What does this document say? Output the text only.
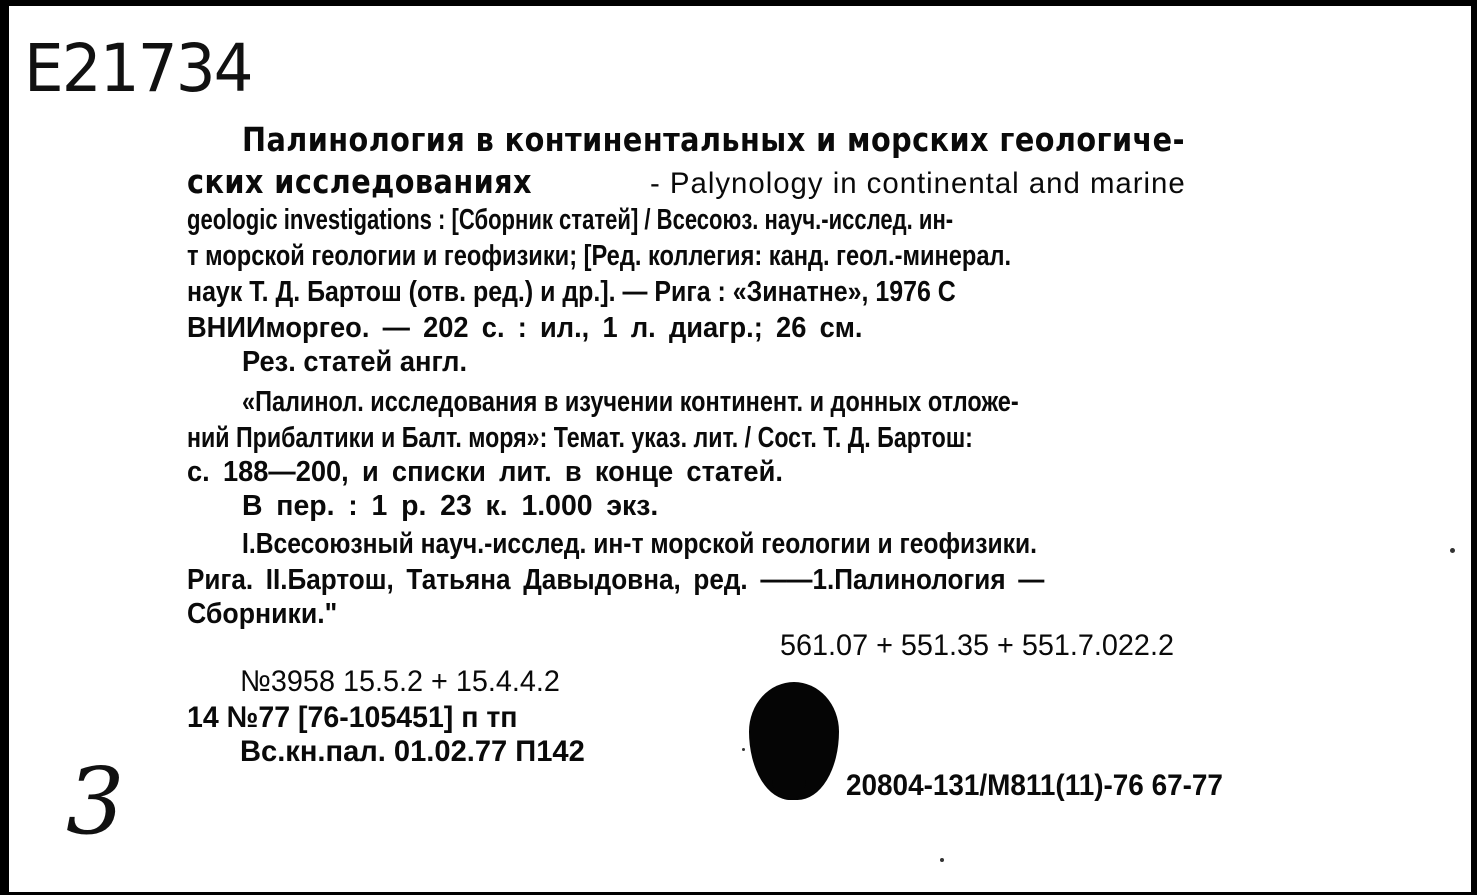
E21734
Палинология в континентальных и морских геологиче-
ских исследованиях	- Palynology in continental and marine
geologic investigations : [Сборник статей] / Всесоюз. науч.-исслед. ин-
т морской геологии и геофизики; [Ред. коллегия: канд. геол.-минерал.
наук Т. Д. Бартош (отв. ред.) и др.]. — Рига : «Зинатне», 1976 С
ВНИИморгео. — 202 с. : ил., 1 л. диагр.; 26 см.
Рез. статей англ.
«Палинол. исследования в изучении континент. и донных отложе-
ний Прибалтики и Балт. моря»: Темат. указ. лит. / Сост. Т. Д. Бартош:
с. 188—200, и списки лит. в конце статей.
В пер. : 1 р. 23 к. 1.000 экз.
I.Всесоюзный науч.-исслед. ин-т морской геологии и геофизики.
Рига. II.Бартош, Татьяна Давыдовна, ред. ——1.Палинология —
Сборники."
561.07 + 551.35 + 551.7.022.2
№3958 15.5.2 + 15.4.4.2
14 №77 [76-105451] п тп
Вс.кн.пал. 01.02.77 П142
20804-131/М811(11)-76 67-77
3
